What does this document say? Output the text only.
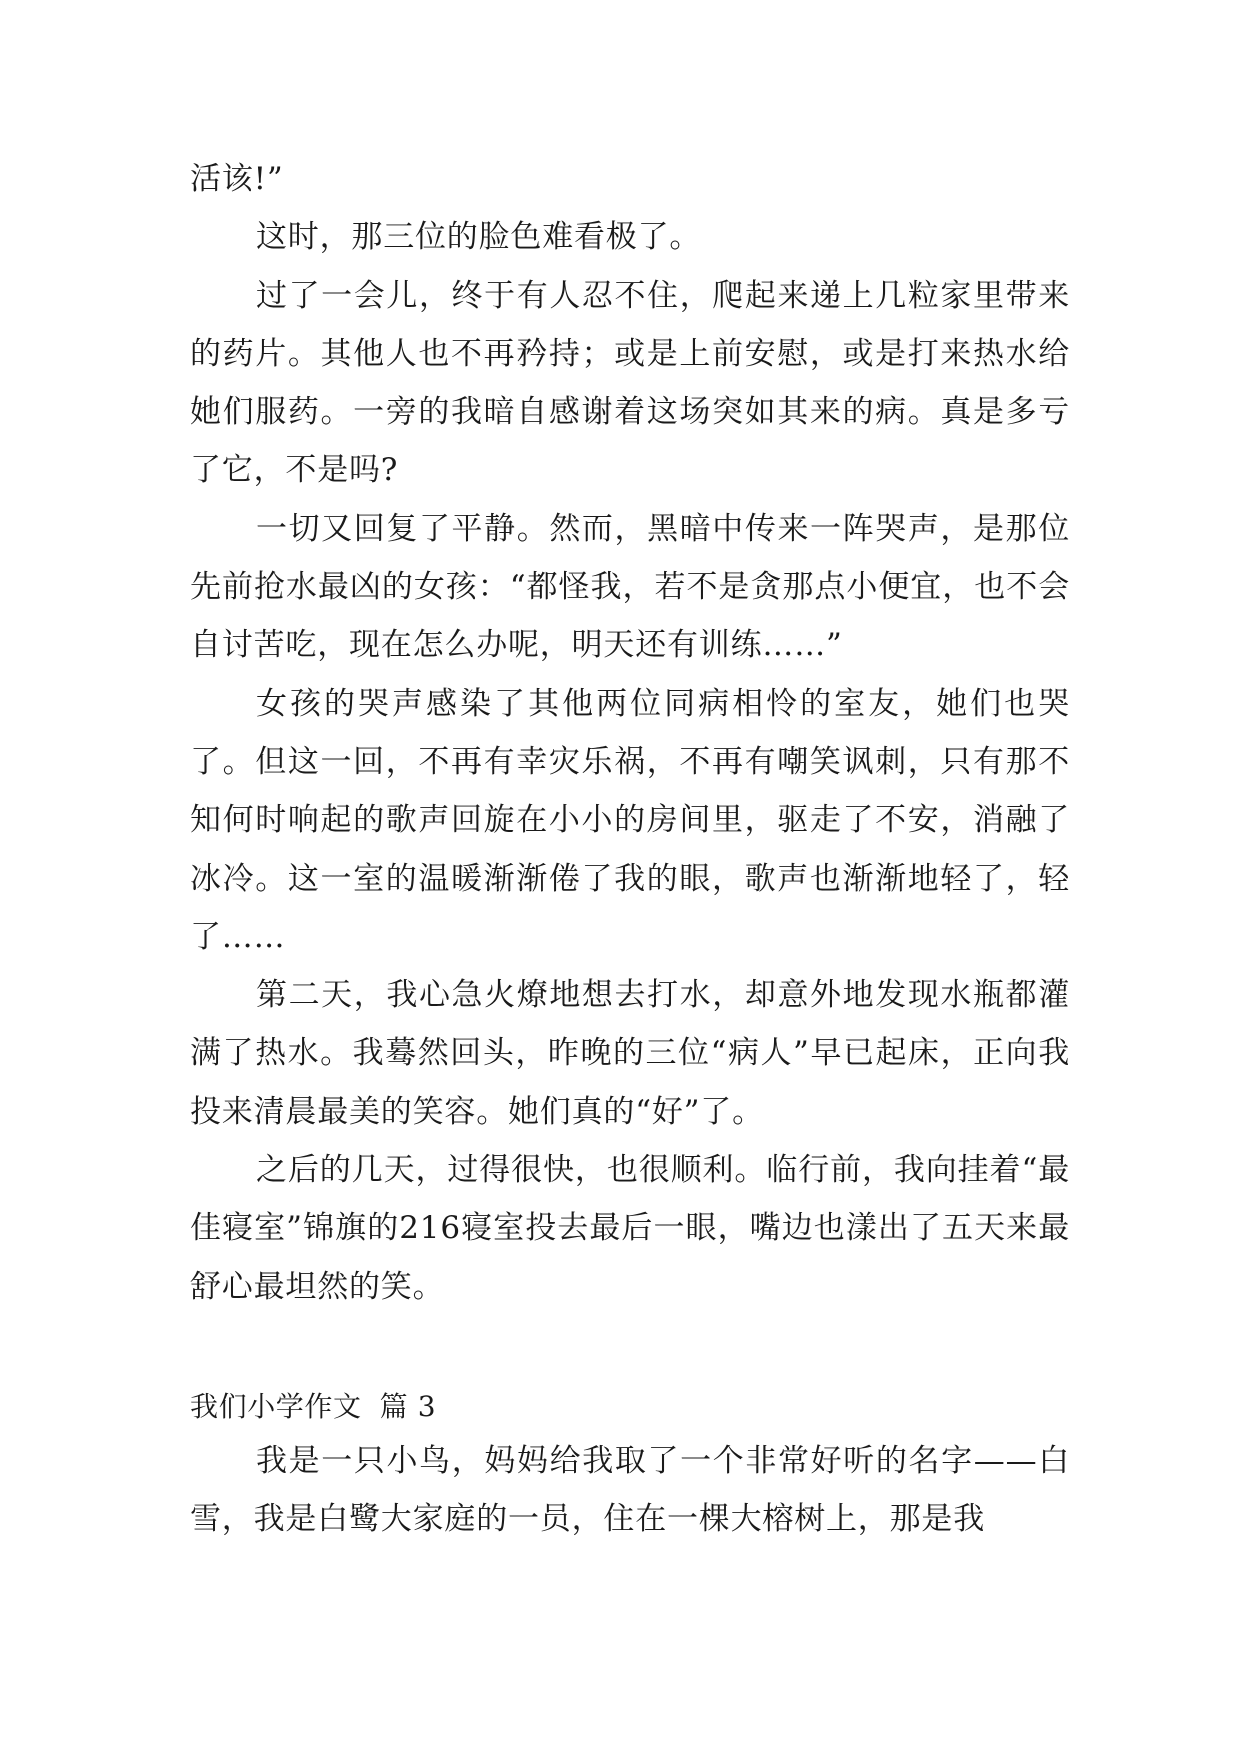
活该!”

这时，那三位的脸色难看极了。

过了一会儿，终于有人忍不住，爬起来递上几粒家里带来的药片。其他人也不再矜持；或是上前安慰，或是打来热水给她们服药。一旁的我暗自感谢着这场突如其来的病。真是多亏了它，不是吗?

一切又回复了平静。然而，黑暗中传来一阵哭声，是那位先前抢水最凶的女孩：“都怪我，若不是贪那点小便宜，也不会自讨苦吃，现在怎么办呢，明天还有训练……”

女孩的哭声感染了其他两位同病相怜的室友，她们也哭了。但这一回，不再有幸灾乐祸，不再有嘲笑讽刺，只有那不知何时响起的歌声回旋在小小的房间里，驱走了不安，消融了冰冷。这一室的温暖渐渐倦了我的眼，歌声也渐渐地轻了，轻了……

第二天，我心急火燎地想去打水，却意外地发现水瓶都灌满了热水。我蓦然回头，昨晚的三位“病人”早已起床，正向我投来清晨最美的笑容。她们真的“好”了。

之后的几天，过得很快，也很顺利。临行前，我向挂着“最佳寝室”锦旗的216寝室投去最后一眼，嘴边也漾出了五天来最舒心最坦然的笑。

我们小学作文 篇 3

我是一只小鸟，妈妈给我取了一个非常好听的名字——白雪，我是白鹭大家庭的一员，住在一棵大榕树上，那是我
